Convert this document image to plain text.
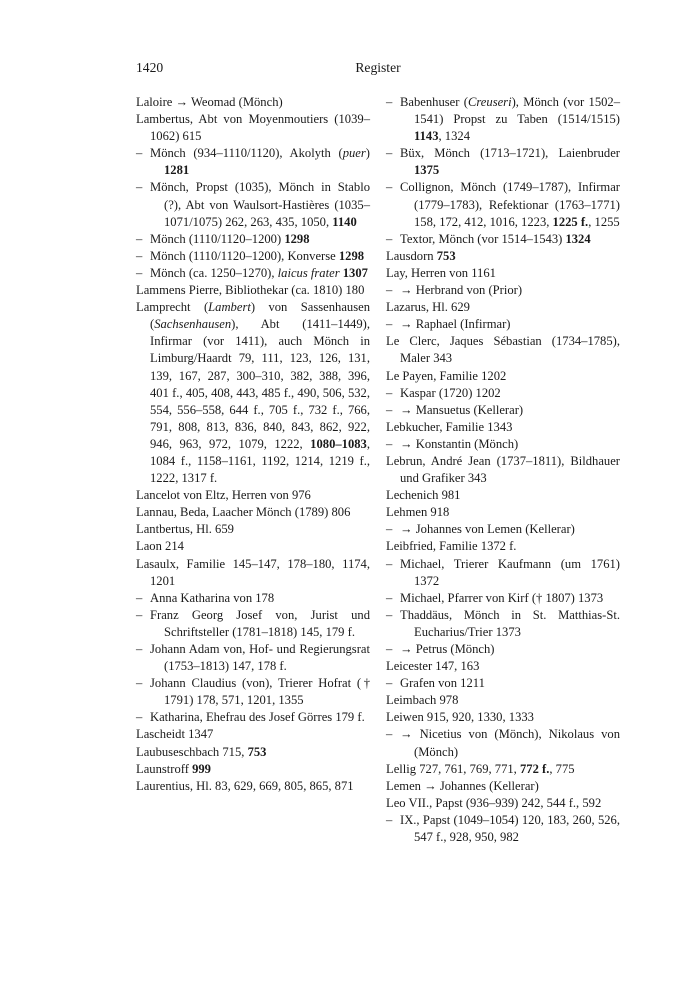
1420	Register
Laloire → Weomad (Mönch)
Lambertus, Abt von Moyenmoutiers (1039–1062) 615
– Mönch (934–1110/1120), Akolyth (puer) 1281
– Mönch, Propst (1035), Mönch in Stablo (?), Abt von Waulsort-Hastières (1035–1071/1075) 262, 263, 435, 1050, 1140
– Mönch (1110/1120–1200) 1298
– Mönch (1110/1120–1200), Konverse 1298
– Mönch (ca. 1250–1270), laicus frater 1307
Lammens Pierre, Bibliothekar (ca. 1810) 180
Lamprecht (Lambert) von Sassenhausen (Sachsenhausen), Abt (1411–1449), Infirmar (vor 1411), auch Mönch in Limburg/Haardt 79, 111, 123, 126, 131, 139, 167, 287, 300–310, 382, 388, 396, 401 f., 405, 408, 443, 485 f., 490, 506, 532, 554, 556–558, 644 f., 705 f., 732 f., 766, 791, 808, 813, 836, 840, 843, 862, 922, 946, 963, 972, 1079, 1222, 1080–1083, 1084 f., 1158–1161, 1192, 1214, 1219 f., 1222, 1317 f.
Lancelot von Eltz, Herren von 976
Lannau, Beda, Laacher Mönch (1789) 806
Lantbertus, Hl. 659
Laon 214
Lasaulx, Familie 145–147, 178–180, 1174, 1201
– Anna Katharina von 178
– Franz Georg Josef von, Jurist und Schriftsteller (1781–1818) 145, 179 f.
– Johann Adam von, Hof- und Regierungsrat (1753–1813) 147, 178 f.
– Johann Claudius (von), Trierer Hofrat († 1791) 178, 571, 1201, 1355
– Katharina, Ehefrau des Josef Görres 179 f.
Lascheidt 1347
Laubuseschbach 715, 753
Launstroff 999
Laurentius, Hl. 83, 629, 669, 805, 865, 871
– Babenhuser (Creuseri), Mönch (vor 1502–1541) Propst zu Taben (1514/1515) 1143, 1324
– Büx, Mönch (1713–1721), Laienbruder 1375
– Collignon, Mönch (1749–1787), Infirmar (1779–1783), Refektionar (1763–1771) 158, 172, 412, 1016, 1223, 1225 f., 1255
– Textor, Mönch (vor 1514–1543) 1324
Lausdorn 753
Lay, Herren von 1161
– → Herbrand von (Prior)
Lazarus, Hl. 629
– → Raphael (Infirmar)
Le Clerc, Jaques Sébastian (1734–1785), Maler 343
Le Payen, Familie 1202
– Kaspar (1720) 1202
– → Mansuetus (Kellerar)
Lebkucher, Familie 1343
– → Konstantin (Mönch)
Lebrun, André Jean (1737–1811), Bildhauer und Grafiker 343
Lechenich 981
Lehmen 918
– → Johannes von Lemen (Kellerar)
Leibfried, Familie 1372 f.
– Michael, Trierer Kaufmann (um 1761) 1372
– Michael, Pfarrer von Kirf († 1807) 1373
– Thaddäus, Mönch in St. Matthias-St. Eucharius/Trier 1373
– → Petrus (Mönch)
Leicester 147, 163
– Grafen von 1211
Leimbach 978
Leiwen 915, 920, 1330, 1333
– → Nicetius von (Mönch), Nikolaus von (Mönch)
Lellig 727, 761, 769, 771, 772 f., 775
Lemen → Johannes (Kellerar)
Leo VII., Papst (936–939) 242, 544 f., 592
– IX., Papst (1049–1054) 120, 183, 260, 526, 547 f., 928, 950, 982
